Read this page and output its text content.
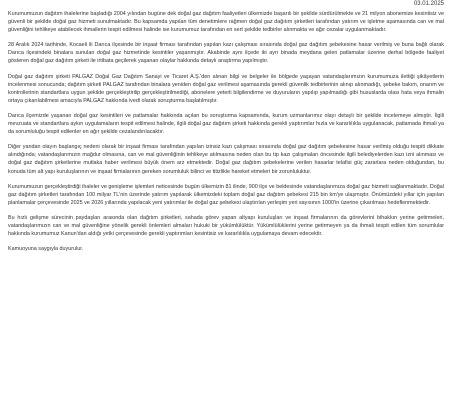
03.01.2025

Kurumumuzun dağıtım ihalelerine başladığı 2004 yılından bugüne dek doğal gaz dağıtım faaliyetleri ülkemizde başarılı bir şekilde sürdürülmekte ve 21 milyon abonemize kesintisiz ve güvenli bir şekilde doğal gaz hizmeti sunulmaktadır. Bu kapsamda yapılan tüm denetimlere rağmen doğal gaz dağıtım şirketleri tarafından yatırım ve işletme aşamasında can ve mal güvenliğini tehlikeye atabilecek ihmallerin tespit edilmesi halinde ise kurumumuz tarafından en sert şekilde tedbirler alınmakta ve ağır cezalar uygulanmaktadır.

28 Aralık 2024 tarihinde, Kocaeli ili Darıca ilçesinde bir inşaat firması tarafından yapılan kazı çalışması sırasında doğal gaz dağıtım şebekesine hasar verilmiş ve buna bağlı olarak Darıca ilçesindeki binalara sunulan doğal gaz hizmetinde kesintiler yaşanmıştır. Akabinde aynı ilçede iki ayrı binada meydana gelen patlamalar üzerine derhal bölgede faaliyet gösteren doğal gaz dağıtım şirketi ile irtibata geçilerek yaşanan olaylar hakkında detaylı araştırma yapılmıştır.

Doğal gaz dağıtım şirketi PALGAZ Doğal Gaz Dağıtım Sanayi ve Ticaret A.Ş.'den alınan bilgi ve belgeler ile bölgede yaşayan vatandaşlarımızın kurumumuza ilettiği şikâyetlerin incelenmesi sonucunda; dağıtım şirketi PALGAZ tarafından binalara yeniden doğal gaz verilmesi aşamasında gerekli güvenlik tedbirlerinin alınıp alınmadığı, şebeke bakım, onarım ve kontrollerinin standartlara uygun şekilde gerçekleştirilip gerçekleştirilmediği, abonelere yeterli bilgilendirme ve duyuruların yapılıp yapılmadığı gibi hususlarda olası hata veya ihmalin ortaya çıkarılabilmesi amacıyla PALGAZ hakkında ivedi olarak soruşturma başlatılmıştır.

Darıca ilçemizde yaşanan doğal gaz kesintileri ve patlamalar hakkında açılan bu soruşturma kapsamında, kurum uzmanlarımız olayı detaylı bir şekilde incelemeye almıştır. İlgili mevzuata ve standartlara aykırı uygulamaların tespit edilmesi halinde, ilgili doğal gaz dağıtım şirketi hakkında gerekli yaptırımlar hızla ve kararlılıkla uygulanacak, patlamada ihmali ya da sorumluluğu tespit edilenler en ağır şekilde cezalandırılacaktır.

Diğer yandan olayın başlangıç nedeni olarak bir inşaat firması tarafından yapılan izinsiz kazı çalışması sırasında doğal gaz dağıtım şebekesine hasar verilmiş olduğu tespiti dikkate alındığında; vatandaşlarımızın mağdur olmasına, can ve mal güvenliğinin tehlikeye atılmasına neden olan bu tip kazı çalışmaları öncesinde ilgili belediyelerden kazı izni alınması ve doğal gaz dağıtım şirketlerine mutlaka haber verilmesi büyük önem arz etmektedir. Doğal gaz dağıtım şebekelerine verilen hasarlar telafisi güç zararlara neden olduğundan, bu konuda tüm alt yapı kuruluşlarının ve inşaat firmalarının gereken sorumluluk bilinci ve titizlikle hareket etmeleri bir zorunluluktur.

Kurumumuzun gerçekleştirdiği ihaleler ve genişleme işlemleri neticesinde bugün ülkemizin 81 ilinde, 900 ilçe ve beldesinde vatandaşlarımıza doğal gaz hizmeti sağlanmaktadır. Doğal gaz dağıtım şirketleri tarafından 100 milyar TL'nin üzerinde yatırım yapılarak ülkemizdeki toplam doğal gaz dağıtım şebekesi 215 bin km'ye ulaşmıştır. Önümüzdeki yıllar için yapılan planlamalar çerçevesinde 2025 ve 2026 yıllarında yapılacak yeni yatırımlar ile doğal gaz şebekesi ulaştırılan yerleşim yeri sayısının 1000'in üzerine çıkarılması hedeflenmektedir.

Bu hızlı gelişme sürecinin paydaşları arasında olan dağıtım şirketleri, sahada görev yapan altyapı kuruluşları ve inşaat firmalarının da görevlerini bihakkın yerine getirmeleri, vatandaşlarımızın can ve mal güvenliğine yönelik gerekli önlemleri almaları hukuki bir yükümlülüktür. Yükümlülüklerini yerine getirmeyen ya da ihmali tespit edilen tüm sorumlular hakkında kurumumuz Kanun'dan aldığı yetki çerçevesinde gerekli yaptırımları kesintisiz ve kararlılıkla uygulamaya devam edecektir.

Kamuoyuna saygıyla duyurulur.
